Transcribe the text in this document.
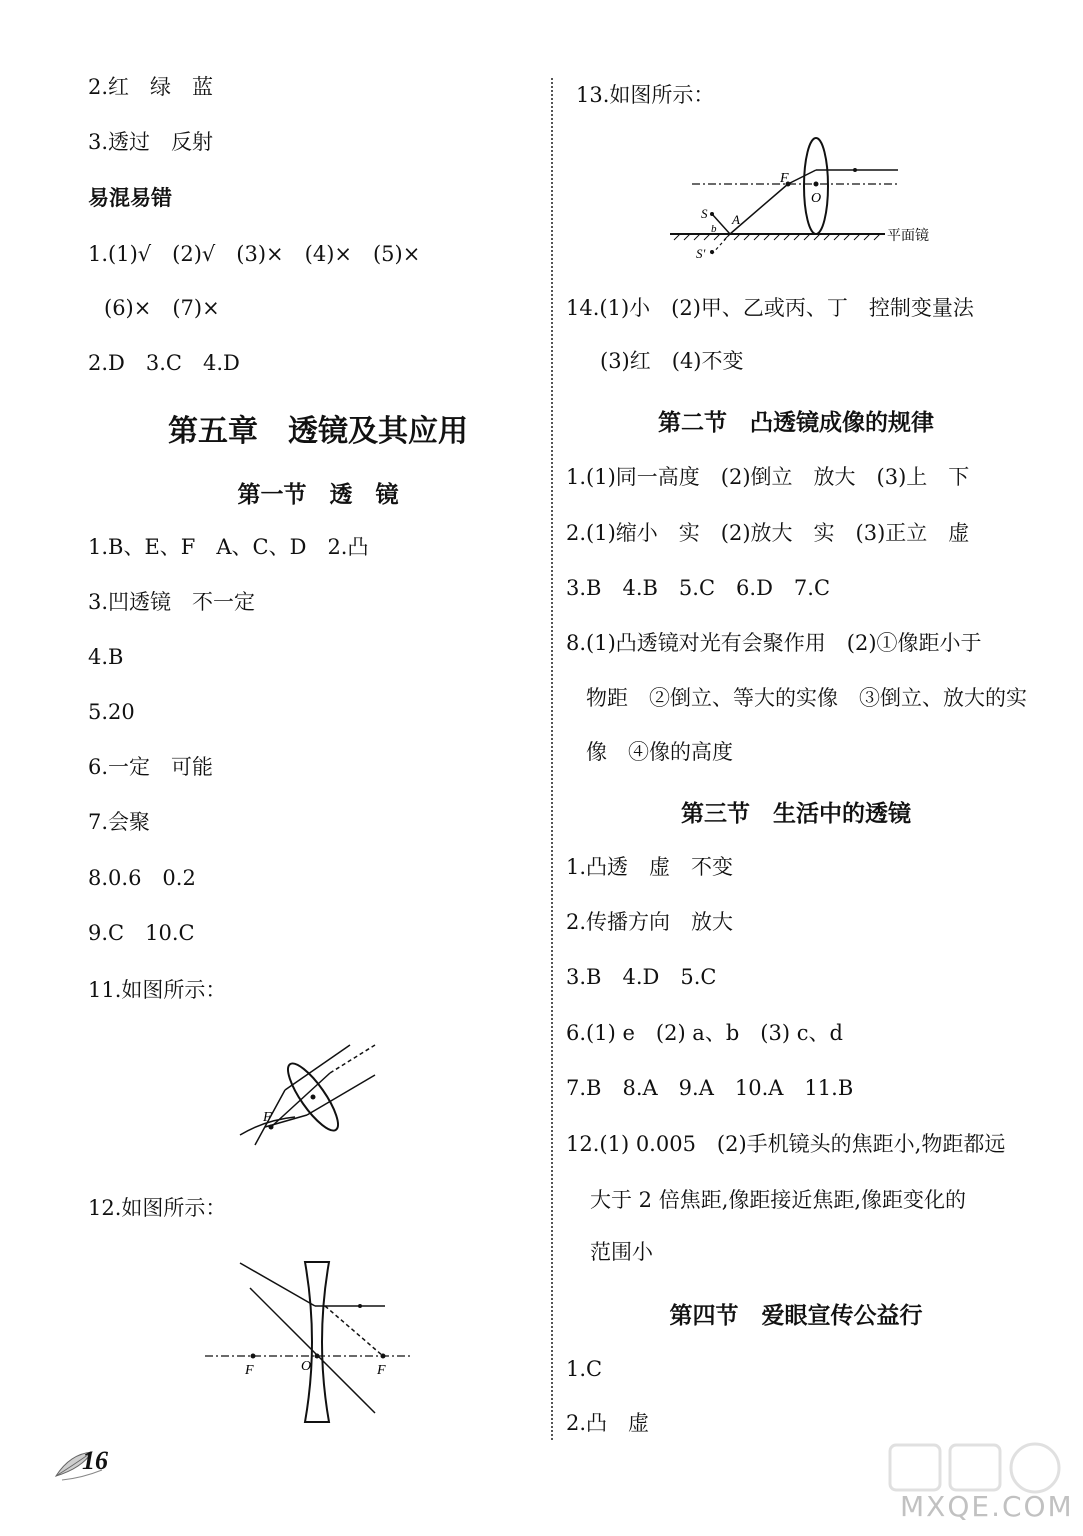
2.红　绿　蓝
3.透过　反射
易混易错
1.(1)√　(2)√　(3)×　(4)×　(5)×
(6)×　(7)×
2.D　3.C　4.D
第五章　透镜及其应用
第一节　透　镜
1.B、E、F　A、C、D　2.凸
3.凹透镜　不一定
4.B
5.20
6.一定　可能
7.会聚
8.0.6　0.2
9.C　10.C
11.如图所示：
12.如图所示：
F
F	O	F
13.如图所示：
14.(1)小　(2)甲、乙或丙、丁　控制变量法
(3)红　(4)不变
第二节　凸透镜成像的规律
1.(1)同一高度　(2)倒立　放大　(3)上　下
2.(1)缩小　实　(2)放大　实　(3)正立　虚
3.B　4.B　5.C　6.D　7.C
8.(1)凸透镜对光有会聚作用　(2)①像距小于
物距　②倒立、等大的实像　③倒立、放大的实
像　④像的高度
第三节　生活中的透镜
1.凸透　虚　不变
2.传播方向　放大
3.B　4.D　5.C
6.(1) e　(2) a、b　(3) c、d
7.B　8.A　9.A　10.A　11.B
12.(1) 0.005　(2)手机镜头的焦距小,物距都远
大于 2 倍焦距,像距接近焦距,像距变化的
范围小
第四节　爱眼宣传公益行
1.C
2.凸　虚
F
O
S A
b
S'
平面镜
16
MXQE.COM
